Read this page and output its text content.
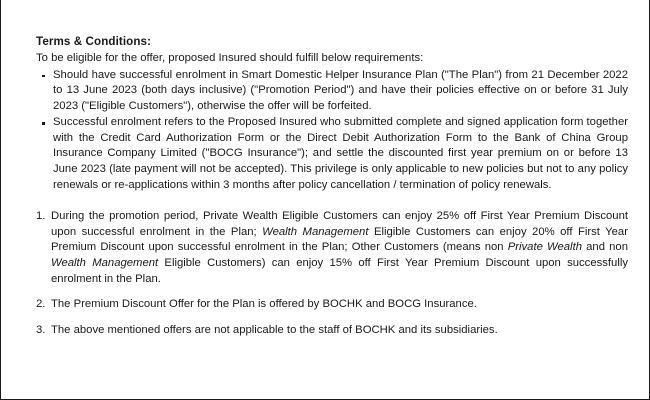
Terms & Conditions:

To be eligible for the offer, proposed Insured should fulfill below requirements:

Should have successful enrolment in Smart Domestic Helper Insurance Plan ("The Plan") from 21 December 2022 to 13 June 2023 (both days inclusive) ("Promotion Period") and have their policies effective on or before 31 July 2023 ("Eligible Customers"), otherwise the offer will be forfeited.
Successful enrolment refers to the Proposed Insured who submitted complete and signed application form together with the Credit Card Authorization Form or the Direct Debit Authorization Form to the Bank of China Group Insurance Company Limited ("BOCG Insurance"); and settle the discounted first year premium on or before 13 June 2023 (late payment will not be accepted). This privilege is only applicable to new policies but not to any policy renewals or re-applications within 3 months after policy cancellation / termination of policy renewals.
1. During the promotion period, Private Wealth Eligible Customers can enjoy 25% off First Year Premium Discount upon successful enrolment in the Plan; Wealth Management Eligible Customers can enjoy 20% off First Year Premium Discount upon successful enrolment in the Plan; Other Customers (means non Private Wealth and non Wealth Management Eligible Customers) can enjoy 15% off First Year Premium Discount upon successfully enrolment in the Plan.
2. The Premium Discount Offer for the Plan is offered by BOCHK and BOCG Insurance.
3. The above mentioned offers are not applicable to the staff of BOCHK and its subsidiaries.
